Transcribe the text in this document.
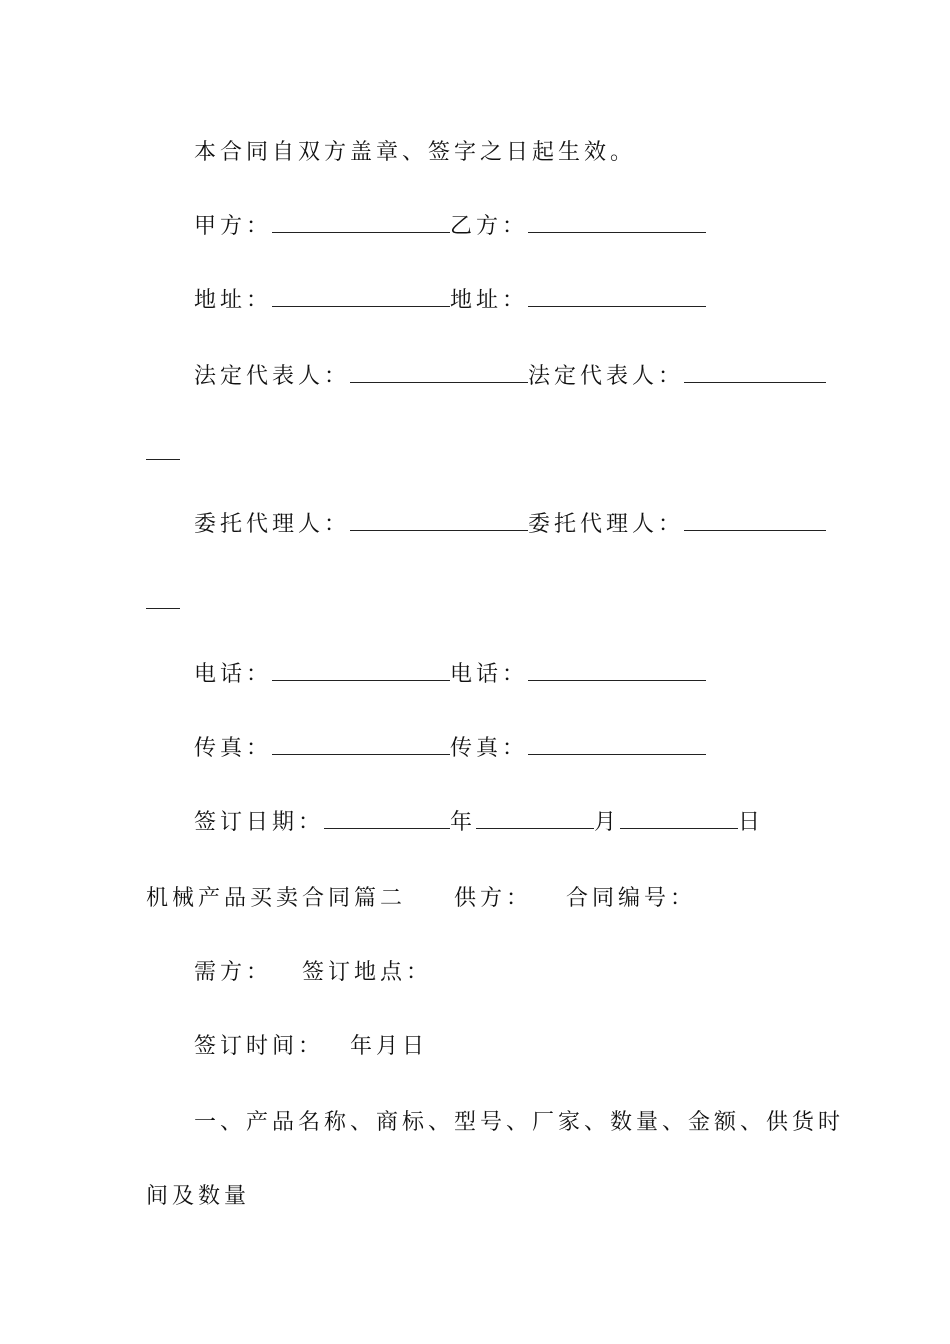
本合同自双方盖章、签字之日起生效。
甲方：	乙方：
地址：	地址：
法定代表人：	法定代表人：
委托代理人：	委托代理人：
电话：	电话：
传真：	传真：
签订日期：	年	月	日
机械产品买卖合同篇二 供方： 合同编号：
需方： 签订地点：
签订时间： 年月日
一、产品名称、商标、型号、厂家、数量、金额、供货时
间及数量
